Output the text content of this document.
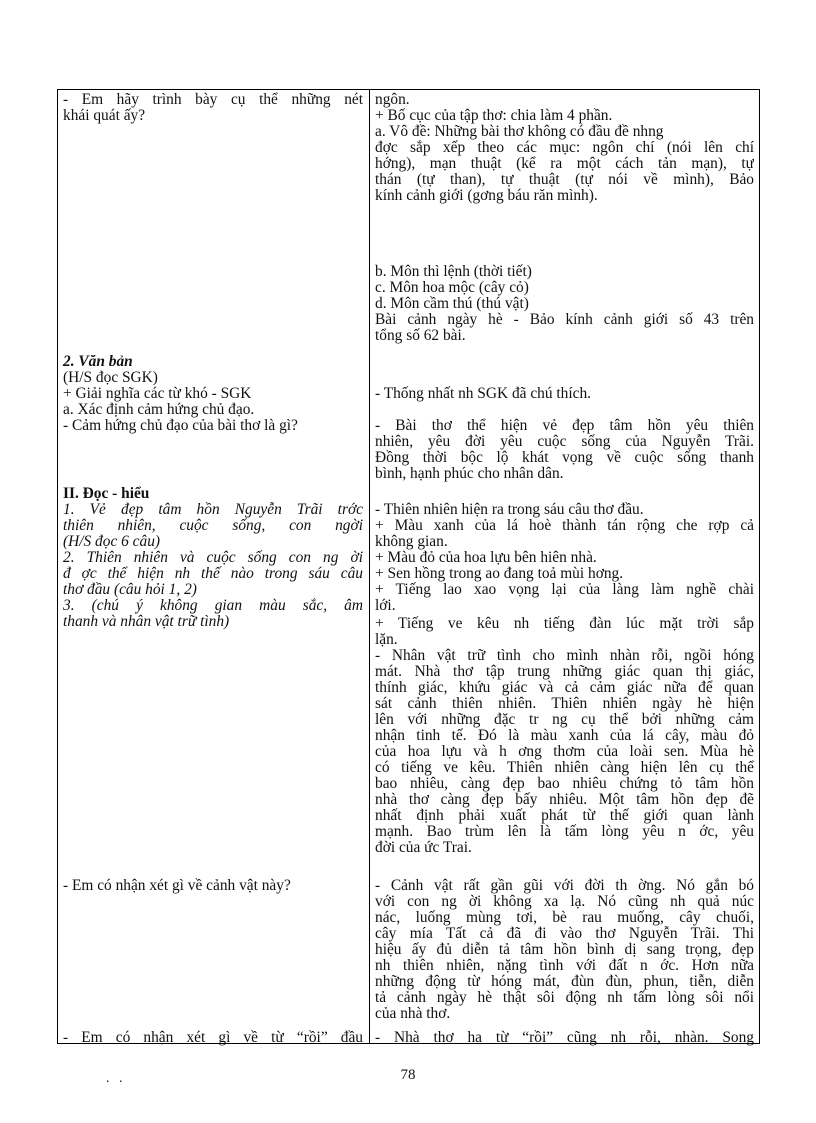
- Em hãy trình bày cụ thể những nét
khái quát ấy?
2. Văn bản
(H/S đọc SGK)
+ Giải nghĩa các từ khó - SGK
a. Xác định cảm hứng chủ đạo.
- Cảm hứng chủ đạo của bài thơ là gì?
II. Đọc - hiểu
1. Vẻ đẹp tâm hồn Nguyễn Trãi trớc
thiên nhiên, cuộc sống, con ngời
(H/S đọc 6 câu)
2. Thiên nhiên và cuộc sống con ng ời
đ ợc thể hiện nh thế nào trong sáu câu
thơ đầu (câu hỏi 1, 2)
3. (chú ý không gian màu sắc, âm
thanh và nhân vật trữ tình)
- Em có nhận xét gì về cảnh vật này?
- Em có nhận xét gì về từ “rồi” đầu
ngôn.
+ Bố cục của tập thơ: chia làm 4 phần.
a. Vô đề: Những bài thơ không có đầu đề nhng
đợc sắp xếp theo các mục: ngôn chí (nói lên chí
hớng), mạn thuật (kể ra một cách tản mạn), tự
thán (tự than), tự thuật (tự nói về mình), Bảo
kính cảnh giới (gơng báu răn mình).
b. Môn thì lệnh (thời tiết)
c. Môn hoa mộc (cây cỏ)
d. Môn cầm thú (thú vật)
Bài cảnh ngày hè - Bảo kính cảnh giới số 43 trên
tổng số 62 bài.
- Thống nhất nh SGK đã chú thích.
- Bài thơ thể hiện vẻ đẹp tâm hồn yêu thiên
nhiên, yêu đời yêu cuộc sống của Nguyễn Trãi.
Đồng thời bộc lộ khát vọng về cuộc sống thanh
bình, hạnh phúc cho nhân dân.
- Thiên nhiên hiện ra trong sáu câu thơ đầu.
+ Màu xanh của lá hoè thành tán rộng che rợp cả
không gian.
+ Màu đỏ của hoa lựu bên hiên nhà.
+ Sen hồng trong ao đang toả mùi hơng.
+ Tiếng lao xao vọng lại của làng làm nghề chài
lới.
+ Tiếng ve kêu nh tiếng đàn lúc mặt trời sắp
lặn.
- Nhân vật trữ tình cho mình nhàn rỗi, ngồi hóng
mát. Nhà thơ tập trung những giác quan thị giác,
thính giác, khứu giác và cả cảm giác nữa để quan
sát cảnh thiên nhiên. Thiên nhiên ngày hè hiện
lên với những đặc tr ng cụ thể bởi những cảm
nhận tinh tế. Đó là màu xanh của lá cây, màu đỏ
của hoa lựu và h ơng thơm của loài sen. Mùa hè
có tiếng ve kêu. Thiên nhiên càng hiện lên cụ thể
bao nhiêu, càng đẹp bao nhiêu chứng tỏ tâm hồn
nhà thơ càng đẹp bấy nhiêu. Một tâm hồn đẹp đẽ
nhất định phải xuất phát từ thế giới quan lành
mạnh. Bao trùm lên là tấm lòng yêu n ớc, yêu
đời của ức Trai.
- Cảnh vật rất gần gũi với đời th ờng. Nó gắn bó
với con ng ời không xa lạ. Nó cũng nh quả núc
nác, luống mùng tơi, bè rau muống, cây chuối,
cây mía Tất cả đã đi vào thơ Nguyễn Trãi. Thi
hiệu ấy đủ diễn tả tâm hồn bình dị sang trọng, đẹp
nh thiên nhiên, nặng tình với đất n ớc. Hơn nữa
những động từ hóng mát, đùn đùn, phun, tiễn, diễn
tả cảnh ngày hè thật sôi động nh tấm lòng sôi nổi
của nhà thơ.
- Nhà thơ ha từ “rồi” cũng nh rỗi, nhàn. Song
. .	78
